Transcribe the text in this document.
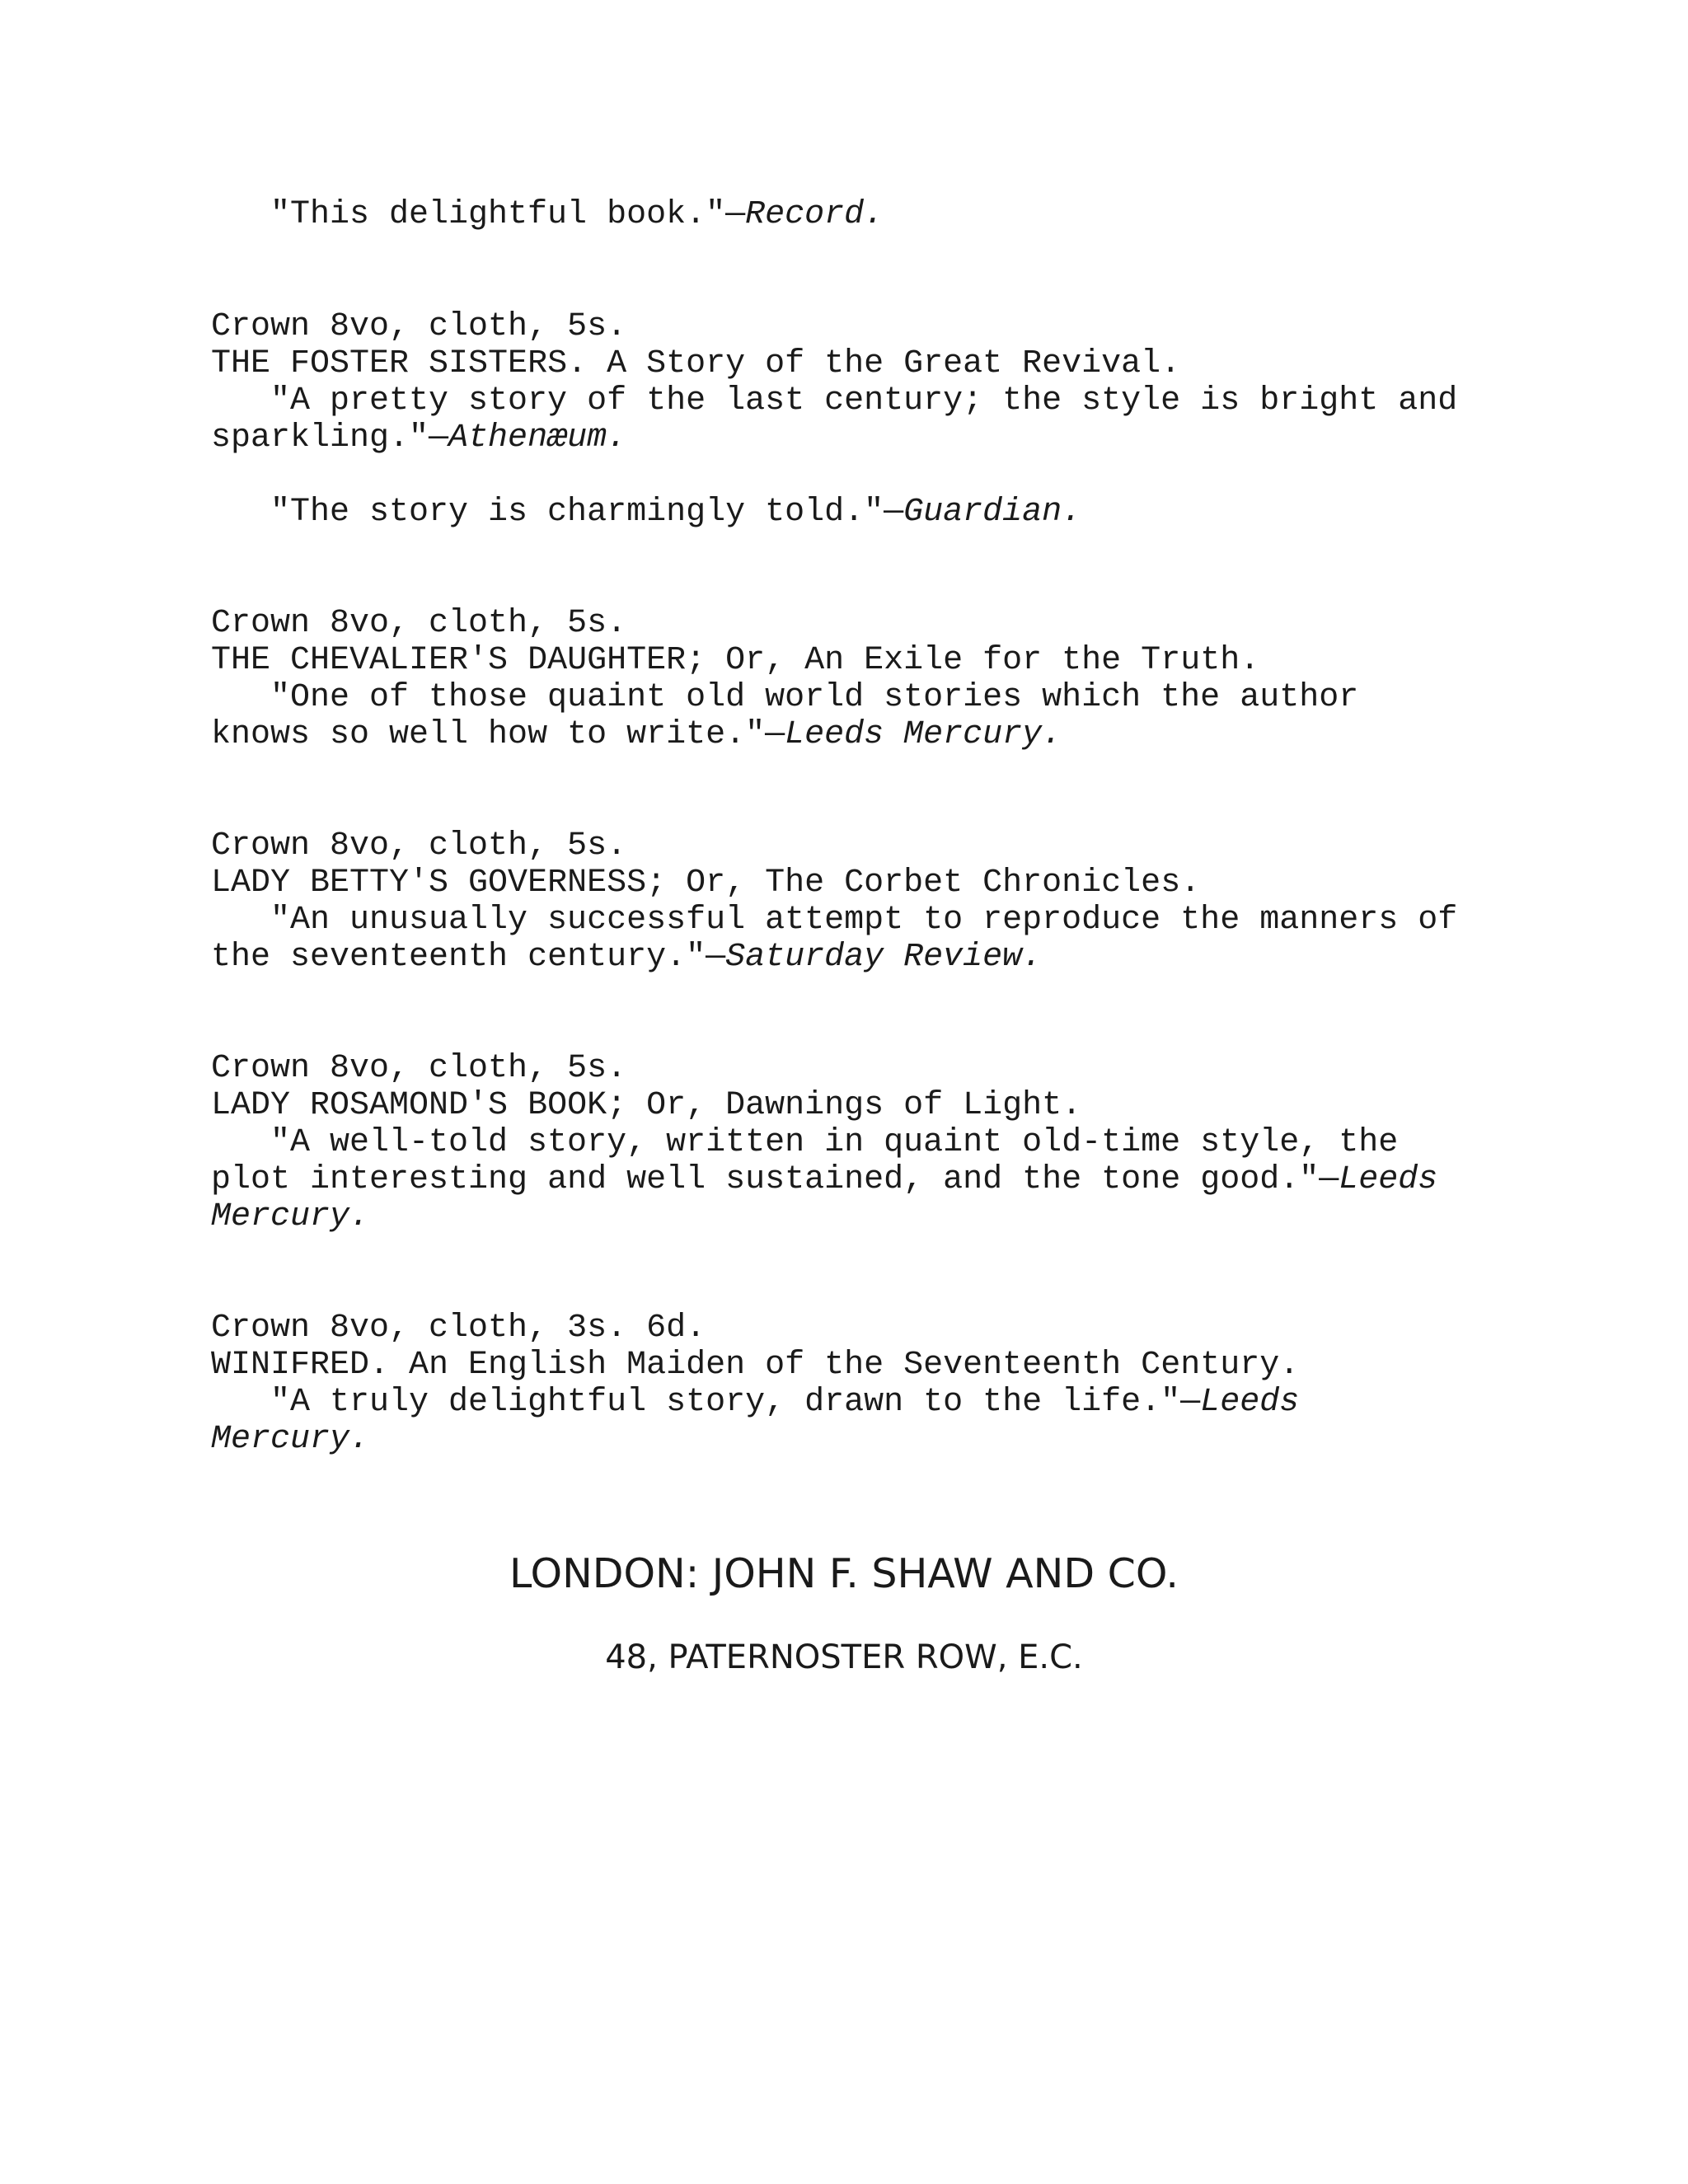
"This delightful book."—Record.

Crown 8vo, cloth, 5s.

THE FOSTER SISTERS. A Story of the Great Revival.

"A pretty story of the last century; the style is bright and

sparkling."—Athenæum.

"The story is charmingly told."—Guardian.

Crown 8vo, cloth, 5s.

THE CHEVALIER'S DAUGHTER; Or, An Exile for the Truth.

"One of those quaint old world stories which the author

knows so well how to write."—Leeds Mercury.

Crown 8vo, cloth, 5s.

LADY BETTY'S GOVERNESS; Or, The Corbet Chronicles.

"An unusually successful attempt to reproduce the manners of

the seventeenth century."—Saturday Review.

Crown 8vo, cloth, 5s.

LADY ROSAMOND'S BOOK; Or, Dawnings of Light.

"A well-told story, written in quaint old-time style, the

plot interesting and well sustained, and the tone good."—Leeds

Mercury.

Crown 8vo, cloth, 3s. 6d.

WINIFRED. An English Maiden of the Seventeenth Century.

"A truly delightful story, drawn to the life."—Leeds

Mercury.

LONDON: JOHN F. SHAW AND CO.

48, PATERNOSTER ROW, E.C.
